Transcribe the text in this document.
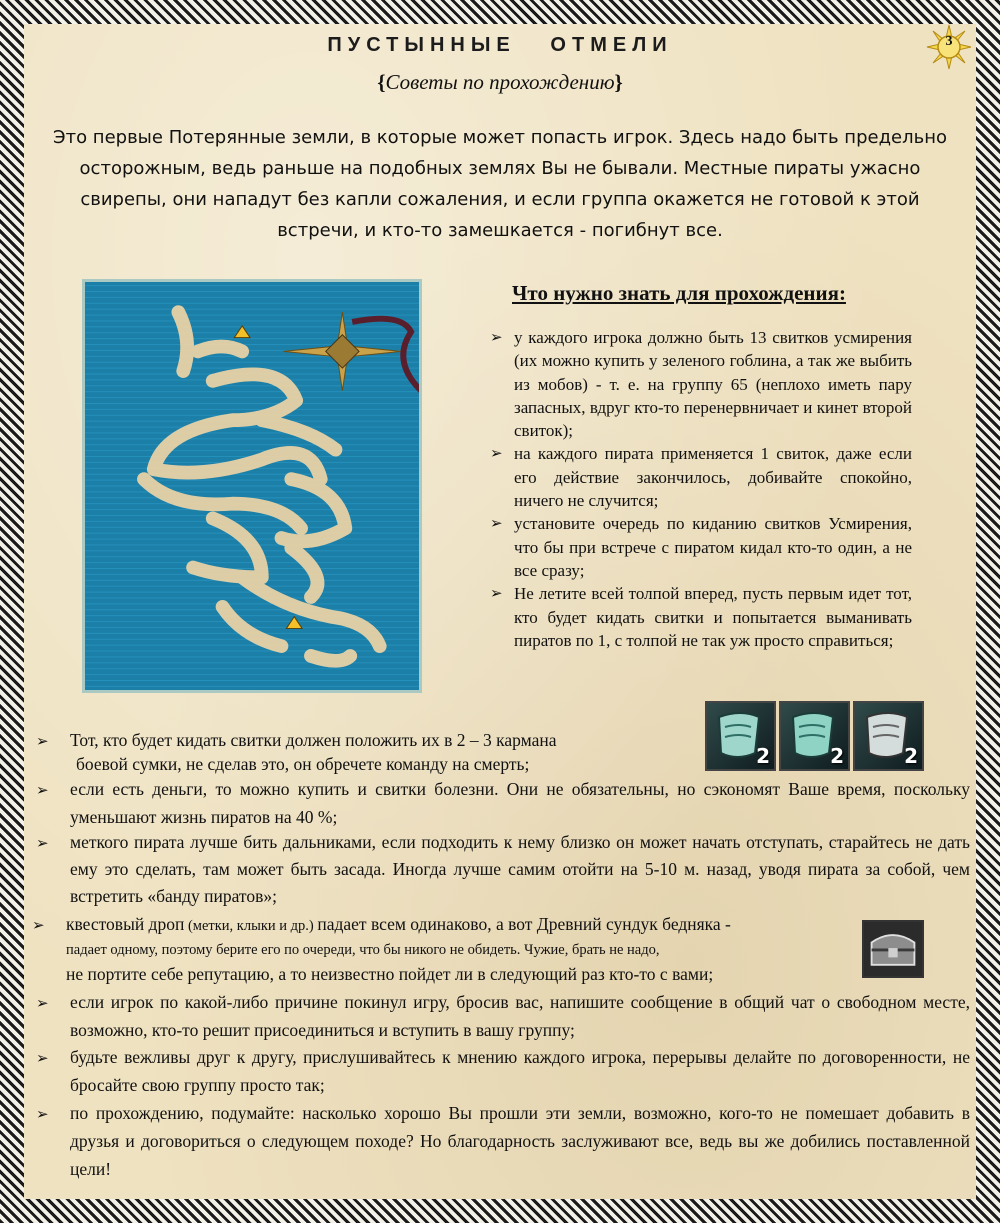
3
ПУСТЫННЫЕ   ОТМЕЛИ
{Советы по прохождению}
Это первые Потерянные земли, в которые может попасть игрок. Здесь надо быть предельно осторожным, ведь раньше на подобных землях Вы не бывали. Местные пираты ужасно свирепы, они нападут без капли сожаления, и если группа окажется не готовой к этой встречи, и кто-то замешкается - погибнут все.
Что нужно знать для прохождения:
➢ у каждого игрока должно быть 13 свитков усмирения (их можно купить у зеленого гоблина, а так же выбить из мобов) - т. е. на группу 65 (неплохо иметь пару запасных, вдруг кто-то перенервничает и кинет второй свиток);
➢ на каждого пирата применяется 1 свиток, даже если его действие закончилось, добивайте спокойно, ничего не случится;
➢ установите очередь по киданию свитков Усмирения, что бы при встрече с пиратом кидал кто-то один, а не все сразу;
➢ Не летите всей толпой вперед, пусть первым идет тот, кто будет кидать свитки и попытается выманивать пиратов по 1, с толпой не так уж просто справиться;
2	2	2
➢ Тот, кто будет кидать свитки должен положить их в 2 – 3 кармана
боевой сумки, не сделав это, он обречете команду на смерть;
➢ если есть деньги, то можно купить и свитки болезни. Они не обязательны, но сэкономят Ваше время, поскольку уменьшают жизнь пиратов на 40 %;
➢ меткого пирата лучше бить дальниками, если подходить к нему близко он может начать отступать, старайтесь не дать ему это сделать, там может быть засада. Иногда лучше самим отойти на 5-10 м. назад, уводя пирата за собой, чем встретить «банду пиратов»;
➢ квестовый дроп (метки, клыки и др.) падает всем одинаково, а вот Древний сундук бедняка -
падает одному, поэтому берите его по очереди, что бы никого не обидеть. Чужие, брать не надо,
не портите себе репутацию, а то неизвестно пойдет ли в следующий раз кто-то с вами;
➢ если игрок по какой-либо причине покинул игру, бросив вас, напишите сообщение в общий чат о свободном месте, возможно, кто-то решит присоединиться и вступить в вашу группу;
➢ будьте вежливы друг к другу, прислушивайтесь к мнению каждого игрока, перерывы делайте по договоренности, не бросайте свою группу просто так;
➢ по прохождению, подумайте: насколько хорошо Вы прошли эти земли, возможно, кого-то не помешает добавить в друзья и договориться о следующем походе? Но благодарность заслуживают все, ведь вы же добились поставленной цели!
